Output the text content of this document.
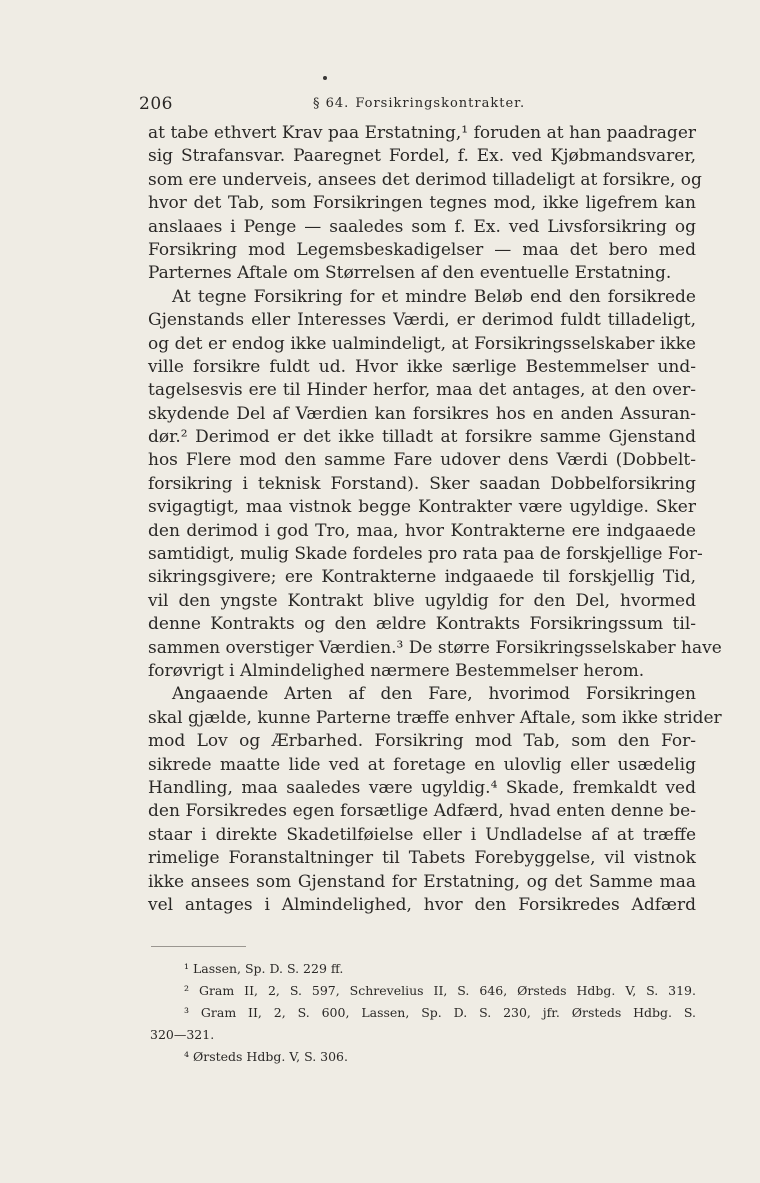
206	§ 64. Forsikringskontrakter.
at tabe ethvert Krav paa Erstatning,¹ foruden at han paadrager
sig Strafansvar. Paaregnet Fordel, f. Ex. ved Kjøbmandsvarer,
som ere underveis, ansees det derimod tilladeligt at forsikre, og
hvor det Tab, som Forsikringen tegnes mod, ikke ligefrem kan
anslaaes i Penge — saaledes som f. Ex. ved Livsforsikring og
Forsikring mod Legemsbeskadigelser — maa det bero med
Parternes Aftale om Størrelsen af den eventuelle Erstatning.
At tegne Forsikring for et mindre Beløb end den forsikrede
Gjenstands eller Interesses Værdi, er derimod fuldt tilladeligt,
og det er endog ikke ualmindeligt, at Forsikringsselskaber ikke
ville forsikre fuldt ud. Hvor ikke særlige Bestemmelser und-
tagelsesvis ere til Hinder herfor, maa det antages, at den over-
skydende Del af Værdien kan forsikres hos en anden Assuran-
dør.² Derimod er det ikke tilladt at forsikre samme Gjenstand
hos Flere mod den samme Fare udover dens Værdi (Dobbelt-
forsikring i teknisk Forstand). Sker saadan Dobbelforsikring
svigagtigt, maa vistnok begge Kontrakter være ugyldige. Sker
den derimod i god Tro, maa, hvor Kontrakterne ere indgaaede
samtidigt, mulig Skade fordeles pro rata paa de forskjellige For-
sikringsgivere; ere Kontrakterne indgaaede til forskjellig Tid,
vil den yngste Kontrakt blive ugyldig for den Del, hvormed
denne Kontrakts og den ældre Kontrakts Forsikringssum til-
sammen overstiger Værdien.³ De større Forsikringsselskaber have
forøvrigt i Almindelighed nærmere Bestemmelser herom.
Angaaende Arten af den Fare, hvorimod Forsikringen
skal gjælde, kunne Parterne træffe enhver Aftale, som ikke strider
mod Lov og Ærbarhed. Forsikring mod Tab, som den For-
sikrede maatte lide ved at foretage en ulovlig eller usædelig
Handling, maa saaledes være ugyldig.⁴ Skade, fremkaldt ved
den Forsikredes egen forsætlige Adfærd, hvad enten denne be-
staar i direkte Skadetilføielse eller i Undladelse af at træffe
rimelige Foranstaltninger til Tabets Forebyggelse, vil vistnok
ikke ansees som Gjenstand for Erstatning, og det Samme maa
vel antages i Almindelighed, hvor den Forsikredes Adfærd
¹ Lassen, Sp. D. S. 229 ff.
² Gram II, 2, S. 597, Schrevelius II, S. 646, Ørsteds Hdbg. V, S. 319.
³ Gram II, 2, S. 600, Lassen, Sp. D. S. 230, jfr. Ørsteds Hdbg. S.
320—321.
⁴ Ørsteds Hdbg. V, S. 306.
